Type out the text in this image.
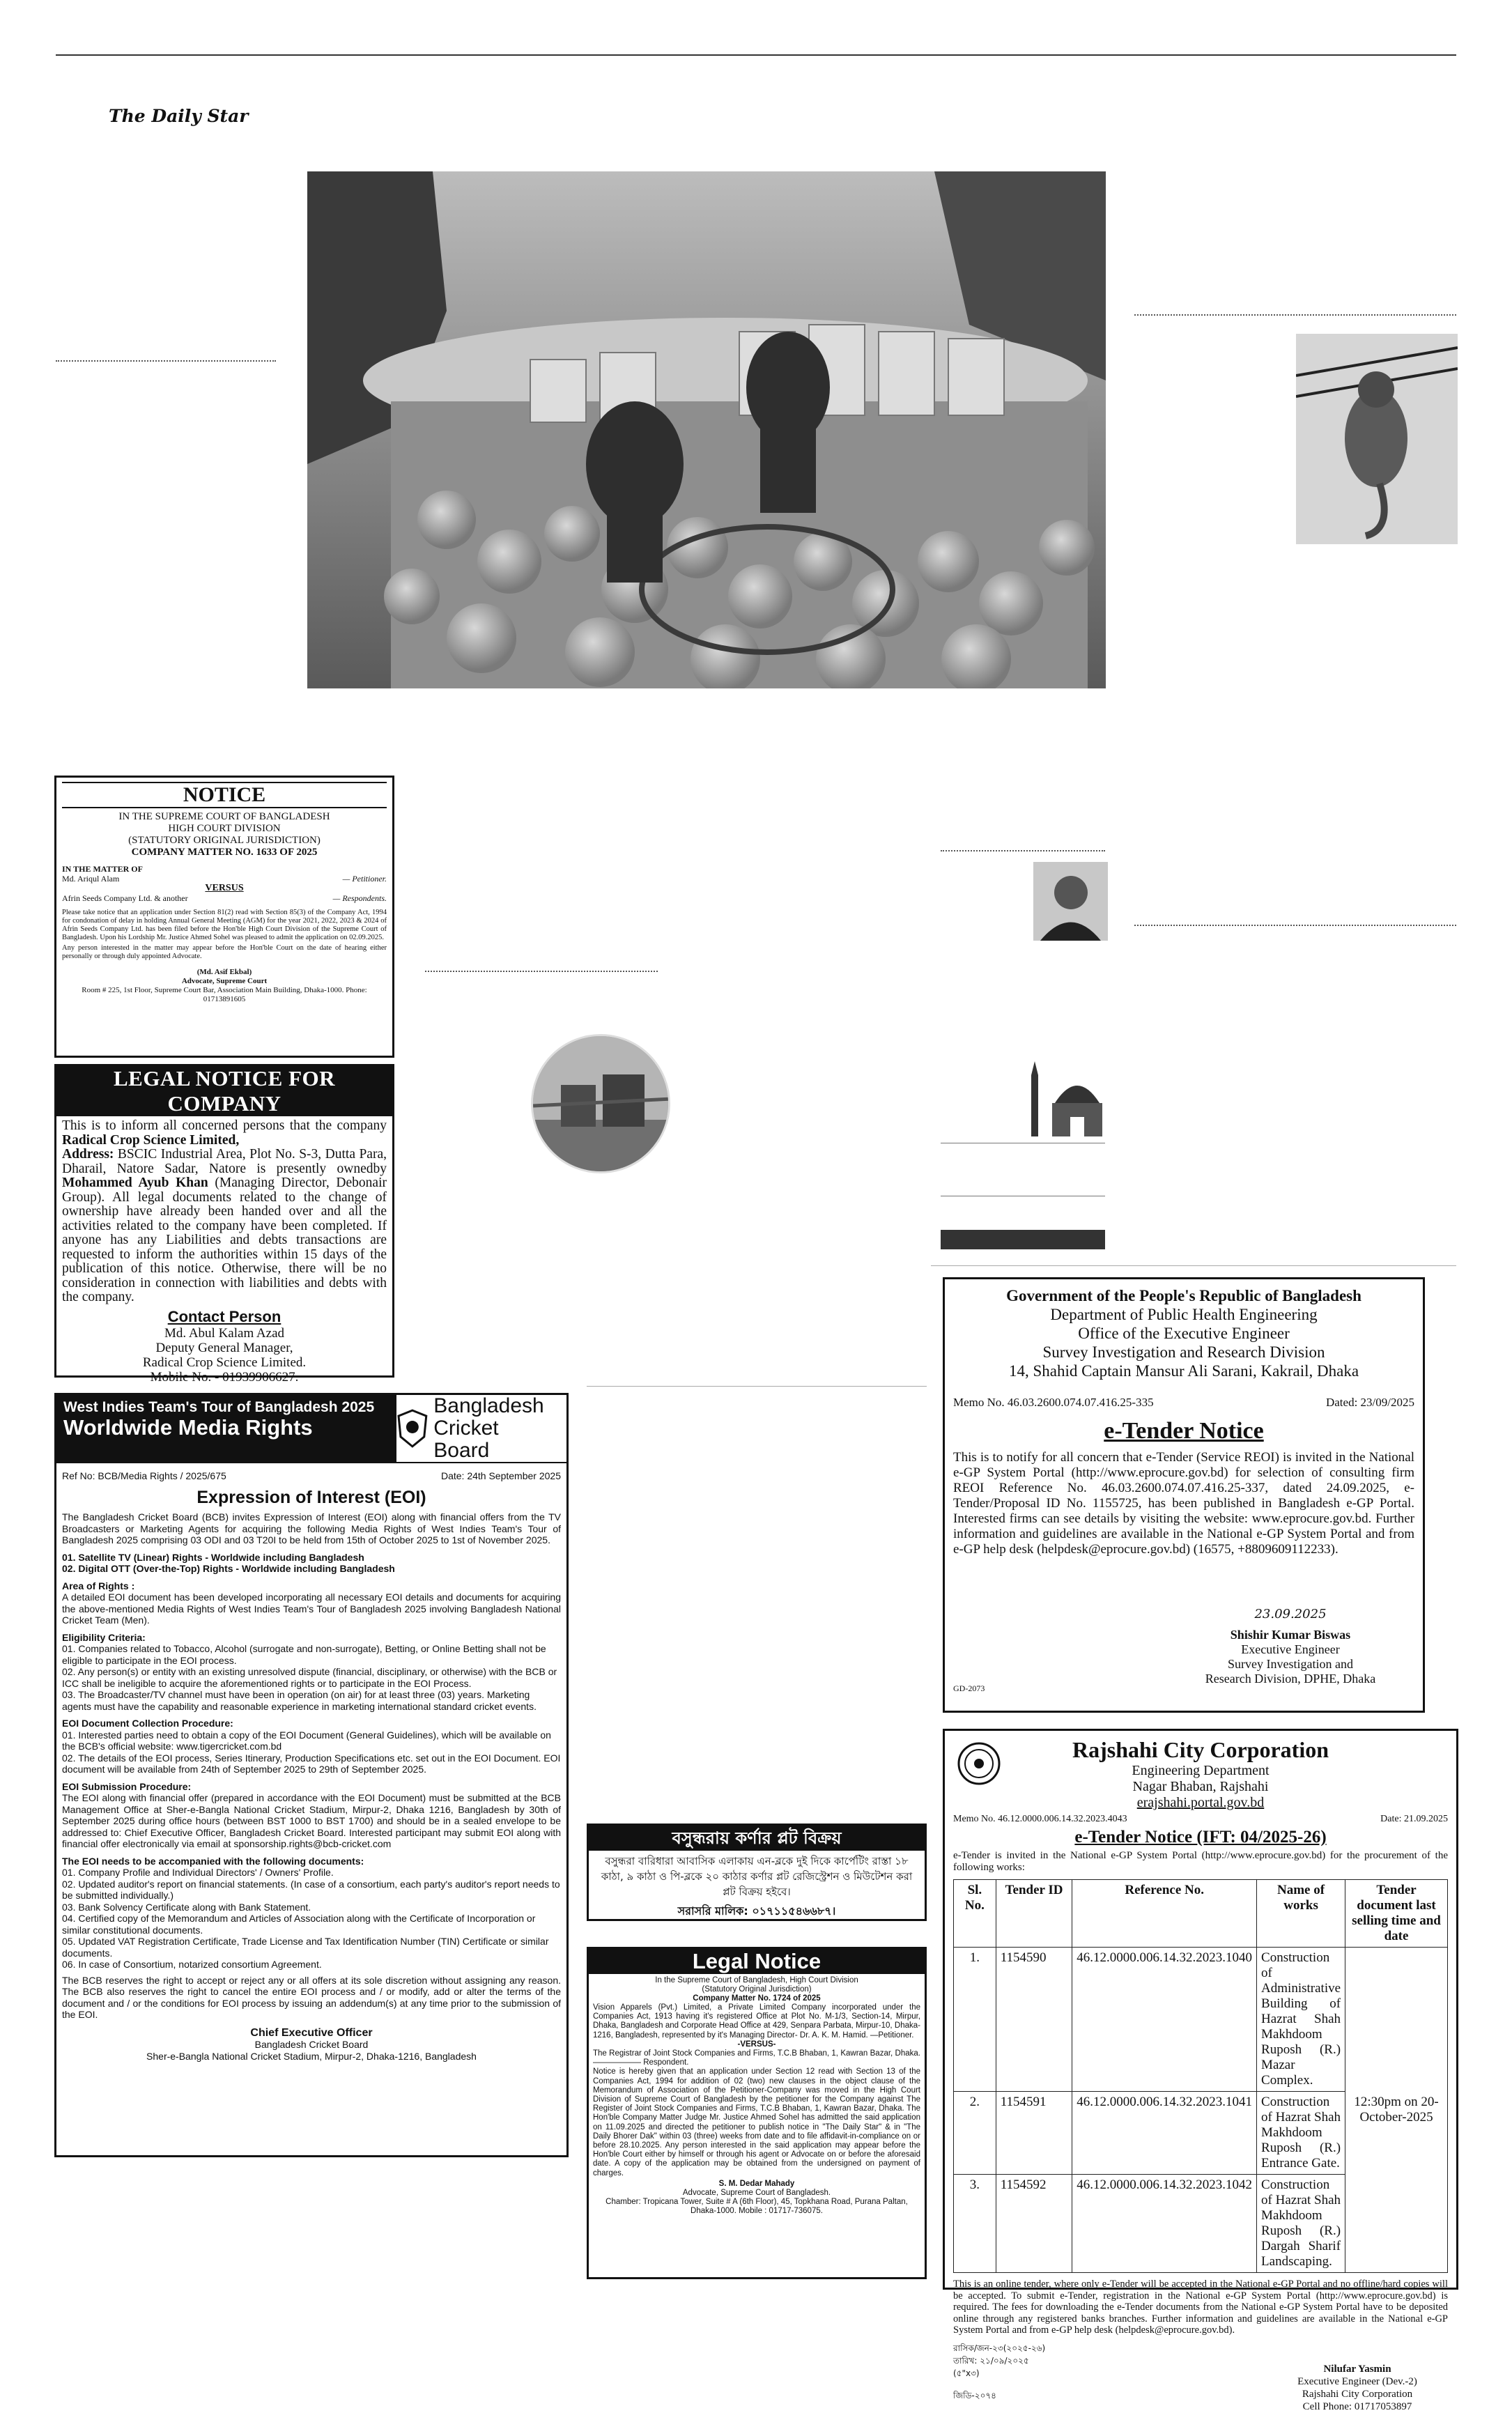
The Daily Star
NOTICE
IN THE SUPREME COURT OF BANGLADESH
HIGH COURT DIVISION
(STATUTORY ORIGINAL JURISDICTION)
COMPANY MATTER NO. 1633 OF 2025
IN THE MATTER OF
Md. Ariqul Alam	— Petitioner.
VERSUS
Afrin Seeds Company Ltd. & another	— Respondents.

Please take notice that an application under Section 81(2) read with Section 85(3) of the Company Act, 1994 for condonation of delay in holding Annual General Meeting (AGM) for the year 2021, 2022, 2023 & 2024 of Afrin Seeds Company Ltd. has been filed before the Hon'ble High Court Division of the Supreme Court of Bangladesh. Upon his Lordship Mr. Justice Ahmed Sohel was pleased to admit the application on 02.09.2025.

Any person interested in the matter may appear before the Hon'ble Court on the date of hearing either personally or through duly appointed Advocate.

(Md. Asif Ekbal)
Advocate, Supreme Court
Room # 225, 1st Floor, Supreme Court Bar, Association Main Building, Dhaka-1000. Phone: 01713891605
LEGAL NOTICE FOR COMPANY

This is to inform all concerned persons that the company Radical Crop Science Limited,
Address: BSCIC Industrial Area, Plot No. S-3, Dutta Para, Dharail, Natore Sadar, Natore is presently ownedby Mohammed Ayub Khan (Managing Director, Debonair Group). All legal documents related to the change of ownership have already been handed over and all the activities related to the company have been completed. If anyone has any Liabilities and debts transactions are requested to inform the authorities within 15 days of the publication of this notice. Otherwise, there will be no consideration in connection with liabilities and debts with the company.

Contact Person
Md. Abul Kalam Azad
Deputy General Manager,
Radical Crop Science Limited.
Mobile No. - 01939906627.
West Indies Team's Tour of Bangladesh 2025
Worldwide Media Rights
Bangladesh
Cricket Board
Ref No: BCB/Media Rights / 2025/675	Date: 24th September 2025
Expression of Interest (EOI)

The Bangladesh Cricket Board (BCB) invites Expression of Interest (EOI) along with financial offers from the TV Broadcasters or Marketing Agents for acquiring the following Media Rights of West Indies Team's Tour of Bangladesh 2025 comprising 03 ODI and 03 T20I to be held from 15th of October 2025 to 1st of November 2025.

01. Satellite TV (Linear) Rights - Worldwide including Bangladesh
02. Digital OTT (Over-the-Top) Rights - Worldwide including Bangladesh
Area of Rights :

A detailed EOI document has been developed incorporating all necessary EOI details and documents for acquiring the above-mentioned Media Rights of West Indies Team's Tour of Bangladesh 2025 involving Bangladesh National Cricket Team (Men).

Eligibility Criteria:

01. Companies related to Tobacco, Alcohol (surrogate and non-surrogate), Betting, or Online Betting shall not be eligible to participate in the EOI process.

02. Any person(s) or entity with an existing unresolved dispute (financial, disciplinary, or otherwise) with the BCB or ICC shall be ineligible to acquire the aforementioned rights or to participate in the EOI Process.

03. The Broadcaster/TV channel must have been in operation (on air) for at least three (03) years. Marketing agents must have the capability and reasonable experience in marketing international standard cricket events.

EOI Document Collection Procedure:

01. Interested parties need to obtain a copy of the EOI Document (General Guidelines), which will be available on the BCB's official website: www.tigercricket.com.bd

02. The details of the EOI process, Series Itinerary, Production Specifications etc. set out in the EOI Document. EOI document will be available from 24th of September 2025 to 29th of September 2025.

EOI Submission Procedure:

The EOI along with financial offer (prepared in accordance with the EOI Document) must be submitted at the BCB Management Office at Sher-e-Bangla National Cricket Stadium, Mirpur-2, Dhaka 1216, Bangladesh by 30th of September 2025 during office hours (between BST 1000 to BST 1700) and should be in a sealed envelope to be addressed to: Chief Executive Officer, Bangladesh Cricket Board. Interested participant may submit EOI along with financial offer electronically via email at sponsorship.rights@bcb-cricket.com

The EOI needs to be accompanied with the following documents:

01. Company Profile and Individual Directors' / Owners' Profile.

02. Updated auditor's report on financial statements. (In case of a consortium, each party's auditor's report needs to be submitted individually.)

03. Bank Solvency Certificate along with Bank Statement.

04. Certified copy of the Memorandum and Articles of Association along with the Certificate of Incorporation or similar constitutional documents.

05. Updated VAT Registration Certificate, Trade License and Tax Identification Number (TIN) Certificate or similar documents.

06. In case of Consortium, notarized consortium Agreement.

The BCB reserves the right to accept or reject any or all offers at its sole discretion without assigning any reason. The BCB also reserves the right to cancel the entire EOI process and / or modify, add or alter the terms of the document and / or the conditions for EOI process by issuing an addendum(s) at any time prior to the submission of the EOI.

Chief Executive Officer
Bangladesh Cricket Board
Sher-e-Bangla National Cricket Stadium, Mirpur-2, Dhaka-1216, Bangladesh
Government of the People's Republic of Bangladesh
Department of Public Health Engineering
Office of the Executive Engineer
Survey Investigation and Research Division
14, Shahid Captain Mansur Ali Sarani, Kakrail, Dhaka
Memo No. 46.03.2600.074.07.416.25-335	Dated: 23/09/2025
e-Tender Notice

This is to notify for all concern that e-Tender (Service REOI) is invited in the National e-GP System Portal (http://www.eprocure.gov.bd) for selection of consulting firm REOI Reference No. 46.03.2600.074.07.416.25-337, dated 24.09.2025, e-Tender/Proposal ID No. 1155725, has been published in Bangladesh e-GP Portal. Interested firms can see details by visiting the website: www.eprocure.gov.bd. Further information and guidelines are available in the National e-GP System Portal and from e-GP help desk (helpdesk@eprocure.gov.bd) (16575, +8809609112233).

23.09.2025
Shishir Kumar Biswas
Executive Engineer
Survey Investigation and
Research Division, DPHE, Dhaka
GD-2073
বসুন্ধরায় কর্ণার প্লট বিক্রয়

বসুন্ধরা বারিধারা আবাসিক এলাকায় এন-ব্লকে দুই দিকে কার্পেটিং রাস্তা ১৮ কাঠা, ৯ কাঠা ও পি-ব্লকে ২০ কাঠার কর্ণার প্লট রেজিস্ট্রেশন ও মিউটেশন করা প্লট বিক্রয় হইবে।

সরাসরি মালিক: ০১৭১১৫৪৬৬৮৭।
Legal Notice
In the Supreme Court of Bangladesh, High Court Division
(Statutory Original Jurisdiction)
Company Matter No. 1724 of 2025

Vision Apparels (Pvt.) Limited, a Private Limited Company incorporated under the Companies Act, 1913 having it's registered Office at Plot No. M-1/3, Section-14, Mirpur, Dhaka, Bangladesh and Corporate Head Office at 429, Senpara Parbata, Mirpur-10, Dhaka-1216, Bangladesh, represented by it's Managing Director- Dr. A. K. M. Hamid. —Petitioner.

-VERSUS-

The Registrar of Joint Stock Companies and Firms, T.C.B Bhaban, 1, Kawran Bazar, Dhaka. —————— Respondent.

Notice is hereby given that an application under Section 12 read with Section 13 of the Companies Act, 1994 for addition of 02 (two) new clauses in the object clause of the Memorandum of Association of the Petitioner-Company was moved in the High Court Division of Supreme Court of Bangladesh by the petitioner for the Company against The Register of Joint Stock Companies and Firms, T.C.B Bhaban, 1, Kawran Bazar, Dhaka. The Hon'ble Company Matter Judge Mr. Justice Ahmed Sohel has admitted the said application on 11.09.2025 and directed the petitioner to publish notice in "The Daily Star" & in "The Daily Bhorer Dak" within 03 (three) weeks from date and to file affidavit-in-compliance on or before 28.10.2025. Any person interested in the said application may appear before the Hon'ble Court either by himself or through his agent or Advocate on or before the aforesaid date. A copy of the application may be obtained from the undersigned on payment of charges.

S. M. Dedar Mahady
Advocate, Supreme Court of Bangladesh.
Chamber: Tropicana Tower, Suite # A (6th Floor), 45, Topkhana Road, Purana Paltan, Dhaka-1000. Mobile : 01717-736075.
Rajshahi City Corporation
Engineering Department
Nagar Bhaban, Rajshahi
erajshahi.portal.gov.bd
Memo No. 46.12.0000.006.14.32.2023.4043	Date: 21.09.2025
e-Tender Notice (IFT: 04/2025-26)

e-Tender is invited in the National e-GP System Portal (http://www.eprocure.gov.bd) for the procurement of the following works:

Sl. No.	Tender ID	Reference No.	Name of works	Tender document last selling time and date
1.	1154590	46.12.0000.006.14.32.2023.1040	Construction of Administrative Building of Hazrat Shah Makhdoom Ruposh (R.) Mazar Complex.	12:30pm on 20-October-2025
2.	1154591	46.12.0000.006.14.32.2023.1041	Construction of Hazrat Shah Makhdoom Ruposh (R.) Entrance Gate.	
3.	1154592	46.12.0000.006.14.32.2023.1042	Construction of Hazrat Shah Makhdoom Ruposh (R.) Dargah Sharif Landscaping.	

This is an online tender, where only e-Tender will be accepted in the National e-GP Portal and no offline/hard copies will be accepted. To submit e-Tender, registration in the National e-GP System Portal (http://www.eprocure.gov.bd) is required. The fees for downloading the e-Tender documents from the National e-GP System Portal have to be deposited online through any registered banks branches. Further information and guidelines are available in the National e-GP System Portal and from e-GP help desk (helpdesk@eprocure.gov.bd).

রাসিক/জন-২৩(২০২৫-২৬)
তারিখ: ২১/০৯/২০২৫
(৫"x৩)
জিডি-২০৭৪
Nilufar Yasmin
Executive Engineer (Dev.-2)
Rajshahi City Corporation
Cell Phone: 01717053897
